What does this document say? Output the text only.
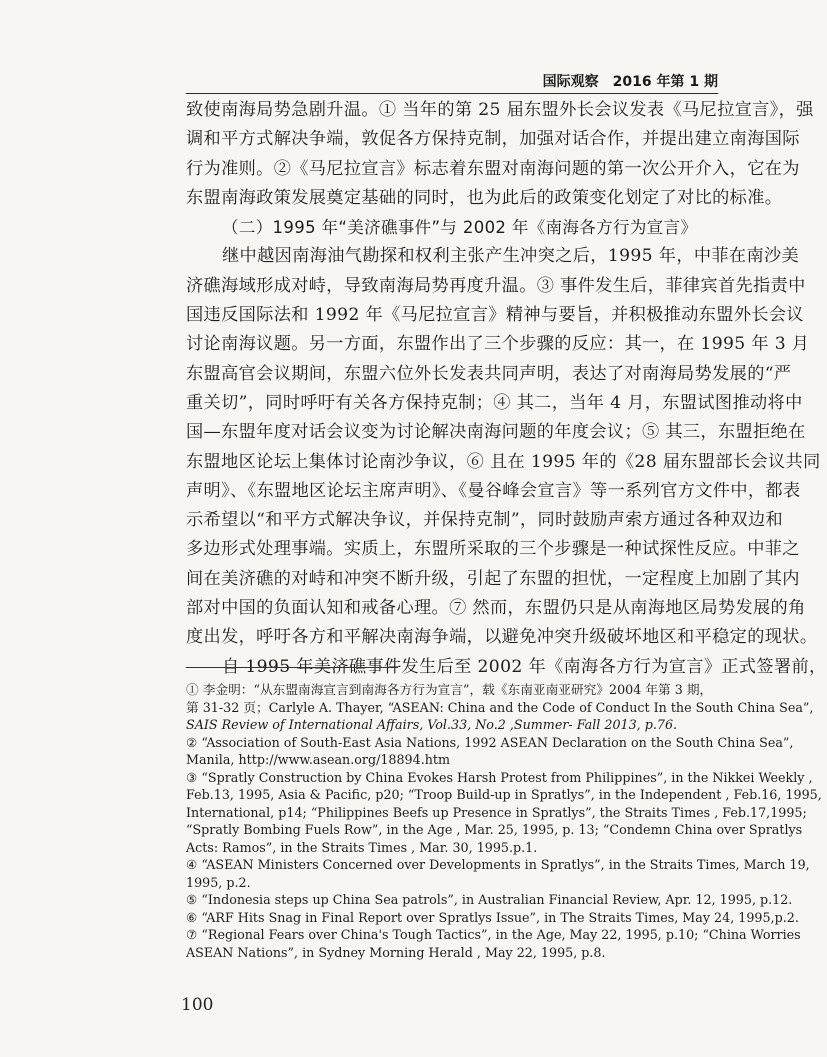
国际观察　2016 年第 1 期

致使南海局势急剧升温。① 当年的第 25 届东盟外长会议发表《马尼拉宣言》，强

调和平方式解决争端，敦促各方保持克制，加强对话合作，并提出建立南海国际

行为准则。②《马尼拉宣言》标志着东盟对南海问题的第一次公开介入，它在为

东盟南海政策发展奠定基础的同时，也为此后的政策变化划定了对比的标准。

（二）1995 年“美济礁事件”与 2002 年《南海各方行为宣言》

继中越因南海油气勘探和权利主张产生冲突之后，1995 年，中菲在南沙美

济礁海域形成对峙，导致南海局势再度升温。③ 事件发生后，菲律宾首先指责中

国违反国际法和 1992 年《马尼拉宣言》精神与要旨，并积极推动东盟外长会议

讨论南海议题。另一方面，东盟作出了三个步骤的反应：其一，在 1995 年 3 月

东盟高官会议期间，东盟六位外长发表共同声明，表达了对南海局势发展的“严

重关切”，同时呼吁有关各方保持克制；④ 其二，当年 4 月，东盟试图推动将中

国—东盟年度对话会议变为讨论解决南海问题的年度会议；⑤ 其三，东盟拒绝在

东盟地区论坛上集体讨论南沙争议，⑥ 且在 1995 年的《28 届东盟部长会议共同

声明》、《东盟地区论坛主席声明》、《曼谷峰会宣言》等一系列官方文件中，都表

示希望以“和平方式解决争议，并保持克制”，同时鼓励声索方通过各种双边和

多边形式处理事端。实质上，东盟所采取的三个步骤是一种试探性反应。中菲之

间在美济礁的对峙和冲突不断升级，引起了东盟的担忧，一定程度上加剧了其内

部对中国的负面认知和戒备心理。⑦ 然而，东盟仍只是从南海地区局势发展的角

度出发，呼吁各方和平解决南海争端，以避免冲突升级破坏地区和平稳定的现状。

自 1995 年美济礁事件发生后至 2002 年《南海各方行为宣言》正式签署前，

① 李金明：“从东盟南海宣言到南海各方行为宣言”，载《东南亚南亚研究》2004 年第 3 期，

第 31-32 页；Carlyle A. Thayer, “ASEAN: China and the Code of Conduct In the South China Sea”,

SAIS Review of International Affairs, Vol.33, No.2 ,Summer- Fall 2013, p.76.

② “Association of South-East Asia Nations, 1992 ASEAN Declaration on the South China Sea”,

Manila, http://www.asean.org/18894.htm

③ “Spratly Construction by China Evokes Harsh Protest from Philippines”, in the Nikkei Weekly ,

Feb.13, 1995, Asia & Pacific, p20; “Troop Build-up in Spratlys”, in the Independent , Feb.16, 1995,

International, p14; “Philippines Beefs up Presence in Spratlys”, the Straits Times , Feb.17,1995;

“Spratly Bombing Fuels Row”, in the Age , Mar. 25, 1995, p. 13; “Condemn China over Spratlys

Acts: Ramos”, in the Straits Times , Mar. 30, 1995.p.1.

④ “ASEAN Ministers Concerned over Developments in Spratlys”, in the Straits Times, March 19,

1995, p.2.

⑤ “Indonesia steps up China Sea patrols”, in Australian Financial Review, Apr. 12, 1995, p.12.

⑥ “ARF Hits Snag in Final Report over Spratlys Issue”, in The Straits Times, May 24, 1995,p.2.

⑦ “Regional Fears over China's Tough Tactics”, in the Age, May 22, 1995, p.10; “China Worries

ASEAN Nations”, in Sydney Morning Herald , May 22, 1995, p.8.

100
